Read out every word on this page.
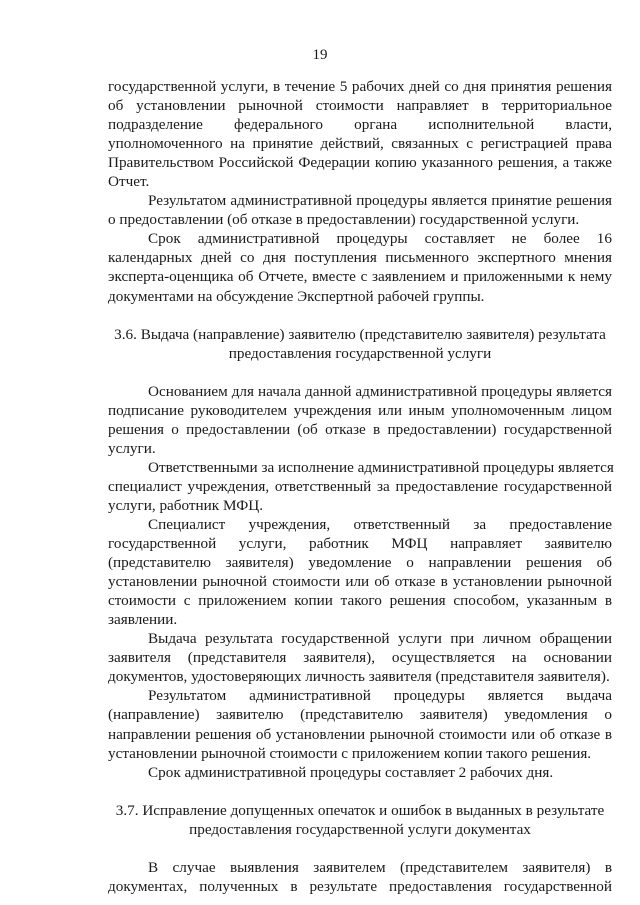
19
государственной услуги, в течение 5 рабочих дней со дня принятия решения
об установлении рыночной стоимости направляет в территориальное
подразделение федерального органа исполнительной власти,
уполномоченного на принятие действий, связанных с регистрацией права
Правительством Российской Федерации копию указанного решения, а также
Отчет.
Результатом административной процедуры является принятие решения
о предоставлении (об отказе в предоставлении) государственной услуги.
Срок административной процедуры составляет не более 16
календарных дней со дня поступления письменного экспертного мнения
эксперта-оценщика об Отчете, вместе с заявлением и приложенными к нему
документами на обсуждение Экспертной рабочей группы.
3.6. Выдача (направление) заявителю (представителю заявителя) результата
предоставления государственной услуги
Основанием для начала данной административной процедуры является
подписание руководителем учреждения или иным уполномоченным лицом
решения о предоставлении (об отказе в предоставлении) государственной
услуги.
Ответственными за исполнение административной процедуры является
специалист учреждения, ответственный за предоставление государственной
услуги, работник МФЦ.
Специалист учреждения, ответственный за предоставление
государственной услуги, работник МФЦ направляет заявителю
(представителю заявителя) уведомление о направлении решения об
установлении рыночной стоимости или об отказе в установлении рыночной
стоимости с приложением копии такого решения способом, указанным в
заявлении.
Выдача результата государственной услуги при личном обращении
заявителя (представителя заявителя), осуществляется на основании
документов, удостоверяющих личность заявителя (представителя заявителя).
Результатом административной процедуры является выдача
(направление) заявителю (представителю заявителя) уведомления о
направлении решения об установлении рыночной стоимости или об отказе в
установлении рыночной стоимости с приложением копии такого решения.
Срок административной процедуры составляет 2 рабочих дня.
3.7. Исправление допущенных опечаток и ошибок в выданных в результате
предоставления государственной услуги документах
В случае выявления заявителем (представителем заявителя) в
документах, полученных в результате предоставления государственной
